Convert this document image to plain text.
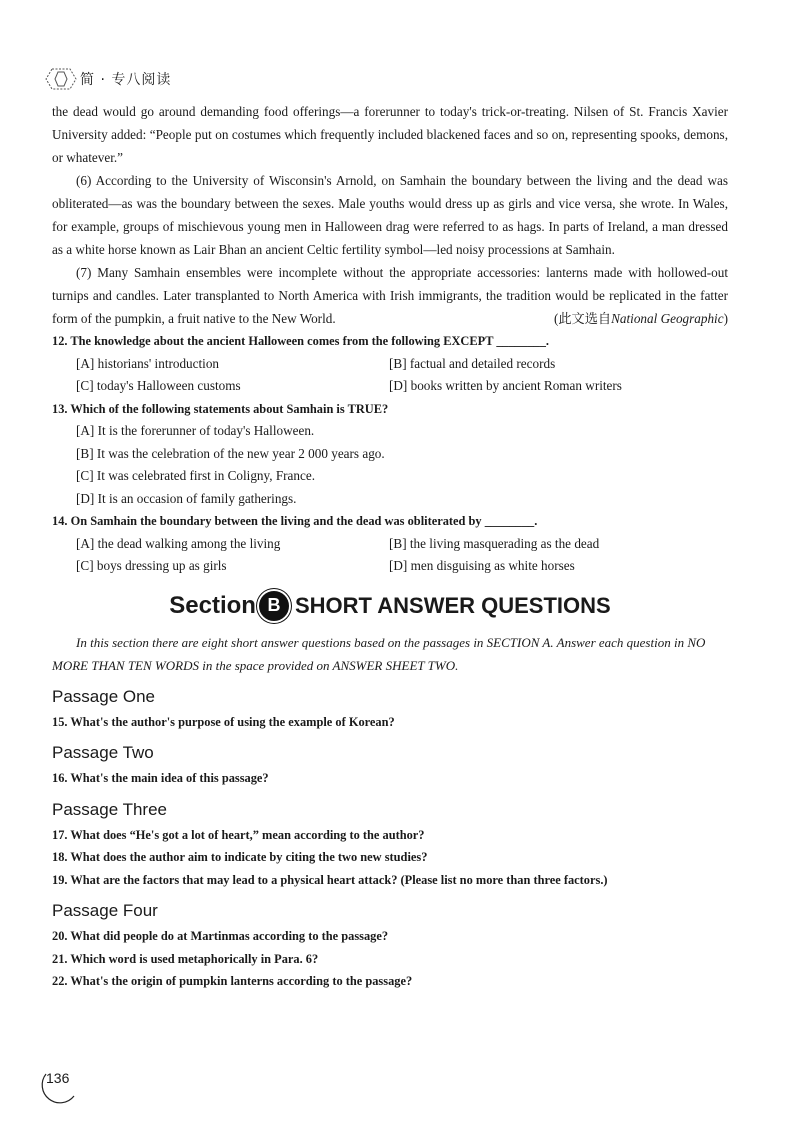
简 · 专八阅读

the dead would go around demanding food offerings—a forerunner to today's trick-or-treating. Nilsen of St. Francis Xavier University added: “People put on costumes which frequently included blackened faces and so on, representing spooks, demons, or whatever.”

(6) According to the University of Wisconsin's Arnold, on Samhain the boundary between the living and the dead was obliterated—as was the boundary between the sexes. Male youths would dress up as girls and vice versa, she wrote. In Wales, for example, groups of mischievous young men in Halloween drag were referred to as hags. In parts of Ireland, a man dressed as a white horse known as Lair Bhan an ancient Celtic fertility symbol—led noisy processions at Samhain.

(7) Many Samhain ensembles were incomplete without the appropriate accessories: lanterns made with hollowed-out turnips and candles. Later transplanted to North America with Irish immigrants, the tradition would be replicated in the fatter form of the pumpkin, a fruit native to the New World.	(此文选自National Geographic)

12. The knowledge about the ancient Halloween comes from the following EXCEPT ________.

[A] historians' introduction	[B] factual and detailed records
[C] today's Halloween customs	[D] books written by ancient Roman writers

13. Which of the following statements about Samhain is TRUE?

[A] It is the forerunner of today's Halloween.
[B] It was the celebration of the new year 2 000 years ago.
[C] It was celebrated first in Coligny, France.
[D] It is an occasion of family gatherings.

14. On Samhain the boundary between the living and the dead was obliterated by ________.

[A] the dead walking among the living	[B] the living masquerading as the dead
[C] boys dressing up as girls	[D] men disguising as white horses
Section B SHORT ANSWER QUESTIONS

In this section there are eight short answer questions based on the passages in SECTION A. Answer each question in NO MORE THAN TEN WORDS in the space provided on ANSWER SHEET TWO.

Passage One

15. What's the author's purpose of using the example of Korean?

Passage Two

16. What's the main idea of this passage?

Passage Three

17. What does “He's got a lot of heart,” mean according to the author?

18. What does the author aim to indicate by citing the two new studies?

19. What are the factors that may lead to a physical heart attack? (Please list no more than three factors.)

Passage Four

20. What did people do at Martinmas according to the passage?

21. Which word is used metaphorically in Para. 6?

22. What's the origin of pumpkin lanterns according to the passage?

136
